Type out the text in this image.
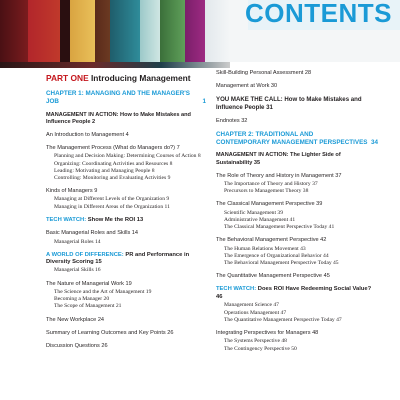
CONTENTS
PART ONE Introducing Management
CHAPTER 1: MANAGING AND THE MANAGER'S JOB	1
MANAGEMENT IN ACTION: How to Make Mistakes and Influence People 2
An Introduction to Management 4
The Management Process (What do Managers do?) 7
Planning and Decision Making: Determining Courses of Action 8
Organizing: Coordinating Activities and Resources 8
Leading: Motivating and Managing People 8
Controlling: Monitoring and Evaluating Activities 9
Kinds of Managers 9
Managing at Different Levels of the Organization 9
Managing in Different Areas of the Organization 11
TECH WATCH: Show Me the ROI 13
Basic Managerial Roles and Skills 14
Managerial Roles 14
A WORLD OF DIFFERENCE: PR and Performance in Diversity Scoring 15
Managerial Skills 16
The Nature of Managerial Work 19
The Science and the Art of Management 19
Becoming a Manager 20
The Scope of Management 21
The New Workplace 24
Summary of Learning Outcomes and Key Points 26
Discussion Questions 26
Skill-Building Personal Assessment 28
Management at Work 30
YOU MAKE THE CALL: How to Make Mistakes and Influence People 31
Endnotes 32
CHAPTER 2: TRADITIONAL AND CONTEMPORARY MANAGEMENT PERSPECTIVES 34
MANAGEMENT IN ACTION: The Lighter Side of Sustainability 35
The Role of Theory and History in Management 37
The Importance of Theory and History 37
Precursors to Management Theory 38
The Classical Management Perspective 39
Scientific Management 39
Administrative Management 41
The Classical Management Perspective Today 41
The Behavioral Management Perspective 42
The Human Relations Movement 43
The Emergence of Organizational Behavior 44
The Behavioral Management Perspective Today 45
The Quantitative Management Perspective 45
TECH WATCH: Does ROI Have Redeeming Social Value? 46
Management Science 47
Operations Management 47
The Quantitative Management Perspective Today 47
Integrating Perspectives for Managers 48
The Systems Perspective 48
The Contingency Perspective 50
